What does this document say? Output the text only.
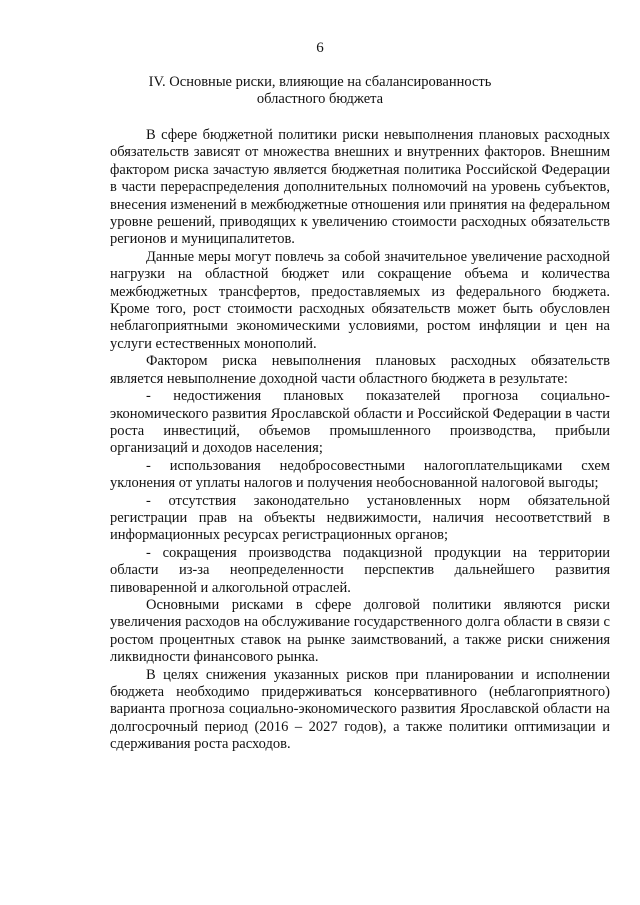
6
IV. Основные риски, влияющие на сбалансированность
областного бюджета

В сфере бюджетной политики риски невыполнения плановых расходных обязательств зависят от множества внешних и внутренних факторов. Внешним фактором риска зачастую является бюджетная политика Российской Федерации в части перераспределения дополнительных полномочий на уровень субъектов, внесения изменений в межбюджетные отношения или принятия на федеральном уровне решений, приводящих к увеличению стоимости расходных обязательств регионов и муниципалитетов.

Данные меры могут повлечь за собой значительное увеличение расходной нагрузки на областной бюджет или сокращение объема и количества межбюджетных трансфертов, предоставляемых из федерального бюджета. Кроме того, рост стоимости расходных обязательств может быть обусловлен неблагоприятными экономическими условиями, ростом инфляции и цен на услуги естественных монополий.

Фактором риска невыполнения плановых расходных обязательств является невыполнение доходной части областного бюджета в результате:

- недостижения плановых показателей прогноза социально-экономического развития Ярославской области и Российской Федерации в части роста инвестиций, объемов промышленного производства, прибыли организаций и доходов населения;

- использования недобросовестными налогоплательщиками схем уклонения от уплаты налогов и получения необоснованной налоговой выгоды;

- отсутствия законодательно установленных норм обязательной регистрации прав на объекты недвижимости, наличия несоответствий в информационных ресурсах регистрационных органов;

- сокращения производства подакцизной продукции на территории области из-за неопределенности перспектив дальнейшего развития пивоваренной и алкогольной отраслей.

Основными рисками в сфере долговой политики являются риски увеличения расходов на обслуживание государственного долга области в связи с ростом процентных ставок на рынке заимствований, а также риски снижения ликвидности финансового рынка.

В целях снижения указанных рисков при планировании и исполнении бюджета необходимо придерживаться консервативного (неблагоприятного) варианта прогноза социально-экономического развития Ярославской области на долгосрочный период (2016 – 2027 годов), а также политики оптимизации и сдерживания роста расходов.
